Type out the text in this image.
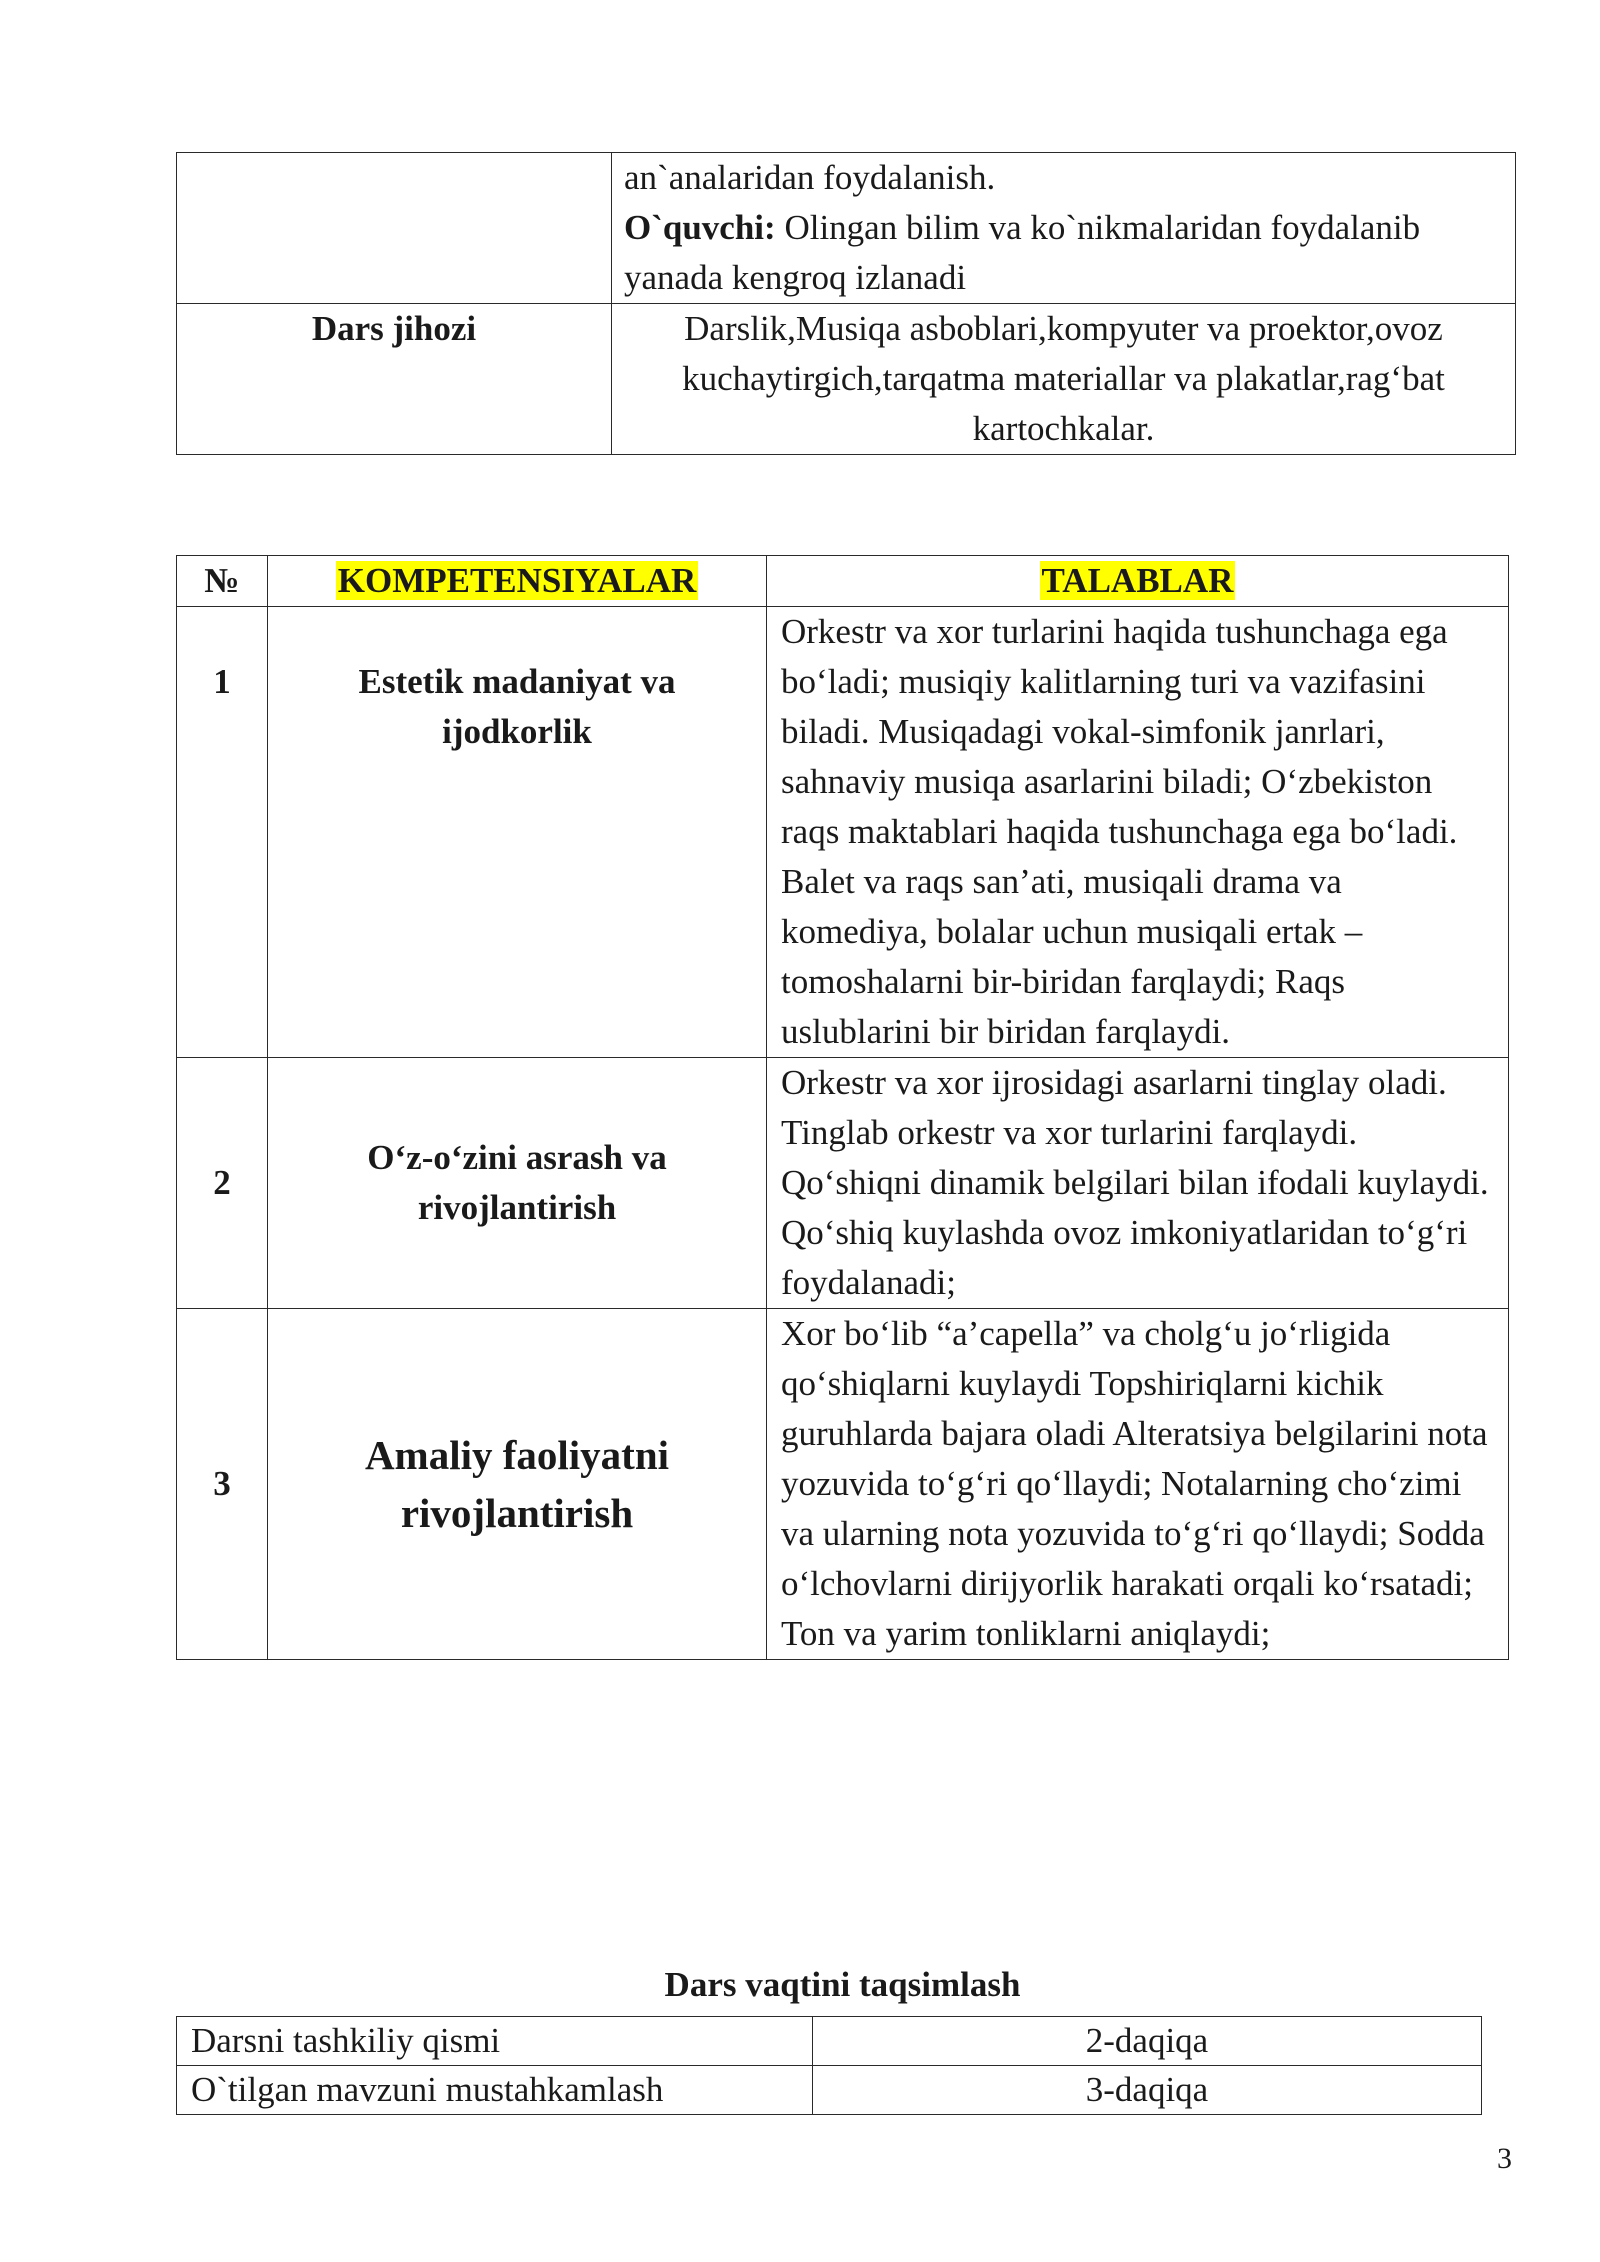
	an`analaridan foydalanish.
O`quvchi: Olingan bilim va ko`nikmalaridan foydalanib yanada kengroq izlanadi
Dars jihozi	Darslik,Musiqa asboblari,kompyuter va proektor,ovoz kuchaytirgich,tarqatma materiallar va plakatlar,rag‘bat kartochkalar.
№	KOMPETENSIYALAR	TALABLAR
1	Estetik madaniyat va ijodkorlik	Orkestr va xor turlarini haqida tushunchaga ega bo‘ladi; musiqiy kalitlarning turi va vazifasini biladi. Musiqadagi vokal-simfonik janrlari, sahnaviy musiqa asarlarini biladi; O‘zbekiston raqs maktablari haqida tushunchaga ega bo‘ladi. Balet va raqs san’ati, musiqali drama va komediya, bolalar uchun musiqali ertak – tomoshalarni bir-biridan farqlaydi; Raqs uslublarini bir biridan farqlaydi.
2	O‘z-o‘zini asrash va rivojlantirish	Orkestr va xor ijrosidagi asarlarni tinglay oladi. Tinglab orkestr va xor turlarini farqlaydi. Qo‘shiqni dinamik belgilari bilan ifodali kuylaydi. Qo‘shiq kuylashda ovoz imkoniyatlaridan to‘g‘ri foydalanadi;
3	Amaliy faoliyatni rivojlantirish	Xor bo‘lib “a’capella” va cholg‘u jo‘rligida qo‘shiqlarni kuylaydi Topshiriqlarni kichik guruhlarda bajara oladi Alteratsiya belgilarini nota yozuvida to‘g‘ri qo‘llaydi; Notalarning cho‘zimi va ularning nota yozuvida to‘g‘ri qo‘llaydi; Sodda o‘lchovlarni dirijyorlik harakati orqali ko‘rsatadi; Ton va yarim tonliklarni aniqlaydi;
Dars vaqtini taqsimlash
Darsni tashkiliy qismi	2-daqiqa
O`tilgan mavzuni mustahkamlash	3-daqiqa
3
